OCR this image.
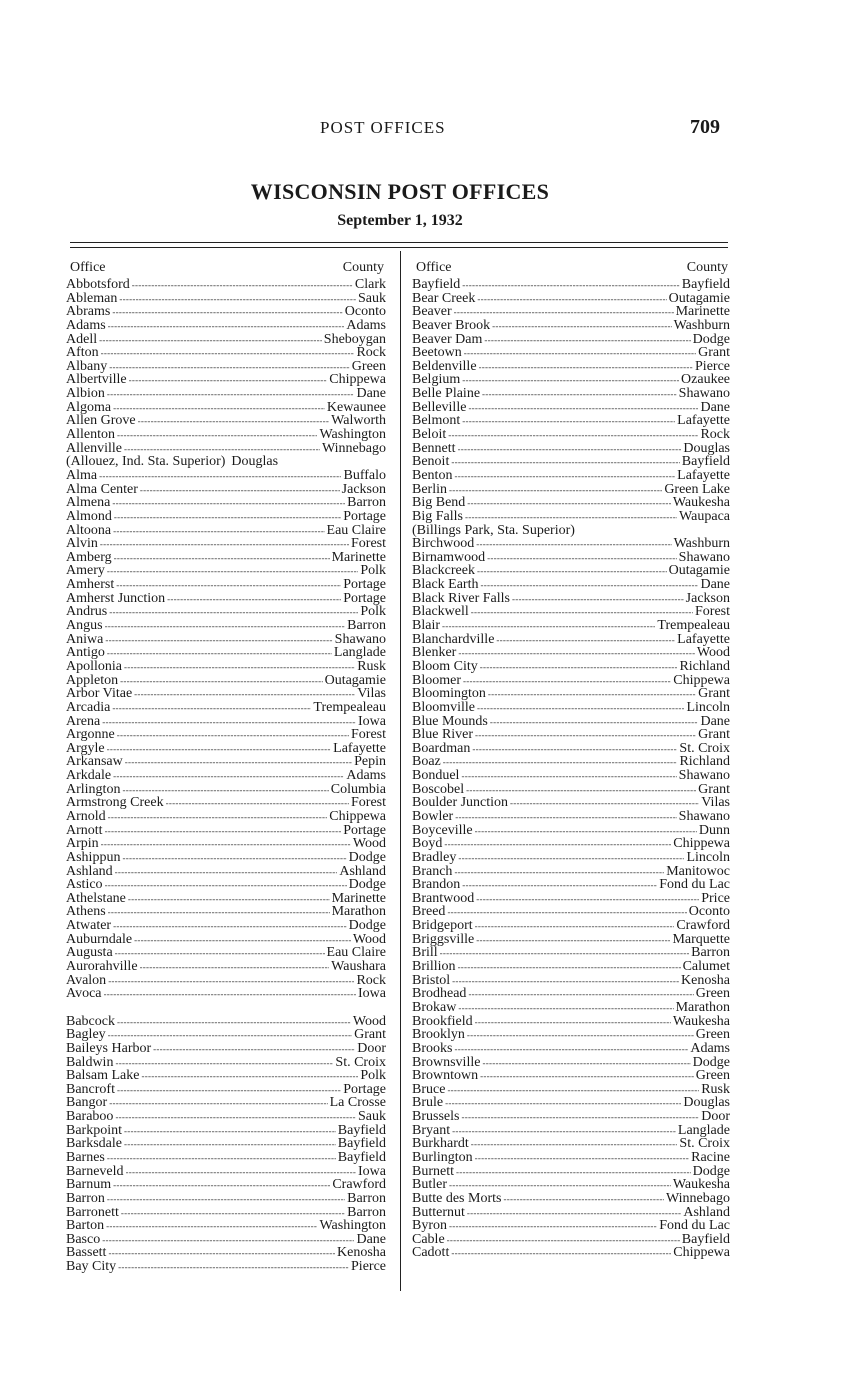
POST OFFICES	709
WISCONSIN POST OFFICES
September 1, 1932
Office	County
Abbotsford - - -	Clark
Ableman - - -	Sauk
Abrams - - -	Oconto
Adams - - -	Adams
Adell - - -	Sheboygan
Afton - - -	Rock
Albany - - -	Green
Albertville - - -	Chippewa
Albion - - -	Dane
Algoma - - -	Kewaunee
Allen Grove - - -	Walworth
Allenton - - -	Washington
Allenville - - -	Winnebago
(Allouez, Ind. Sta. Superior) Douglas
Alma - - -	Buffalo
Alma Center - - -	Jackson
Almena - - -	Barron
Almond - - -	Portage
Altoona - - -	Eau Claire
Alvin - - -	Forest
Amberg - - -	Marinette
Amery - - -	Polk
Amherst - - -	Portage
Amherst Junction - - -	Portage
Andrus - - -	Polk
Angus - - -	Barron
Aniwa - - -	Shawano
Antigo - - -	Langlade
Apollonia - - -	Rusk
Appleton - - -	Outagamie
Arbor Vitae - - -	Vilas
Arcadia - - -	Trempealeau
Arena - - -	Iowa
Argonne - - -	Forest
Argyle - - -	Lafayette
Arkansaw - - -	Pepin
Arkdale - - -	Adams
Arlington - - -	Columbia
Armstrong Creek - - -	Forest
Arnold - - -	Chippewa
Arnott - - -	Portage
Arpin - - -	Wood
Ashippun - - -	Dodge
Ashland - - -	Ashland
Astico - - -	Dodge
Athelstane - - -	Marinette
Athens - - -	Marathon
Atwater - - -	Dodge
Auburndale - - -	Wood
Augusta - - -	Eau Claire
Aurorahville - - -	Waushara
Avalon - - -	Rock
Avoca - - -	Iowa
Babcock - - -	Wood
Bagley - - -	Grant
Baileys Harbor - - -	Door
Baldwin - - -	St. Croix
Balsam Lake - - -	Polk
Bancroft - - -	Portage
Bangor - - -	La Crosse
Baraboo - - -	Sauk
Barkpoint - - -	Bayfield
Barksdale - - -	Bayfield
Barnes - - -	Bayfield
Barneveld - - -	Iowa
Barnum - - -	Crawford
Barron - - -	Barron
Barronett - - -	Barron
Barton - - -	Washington
Basco - - -	Dane
Bassett - - -	Kenosha
Bay City - - -	Pierce
Office	County
Bayfield - - -	Bayfield
Bear Creek - - -	Outagamie
Beaver - - -	Marinette
Beaver Brook - - -	Washburn
Beaver Dam - - -	Dodge
Beetown - - -	Grant
Beldenville - - -	Pierce
Belgium - - -	Ozaukee
Belle Plaine - - -	Shawano
Belleville - - -	Dane
Belmont - - -	Lafayette
Beloit - - -	Rock
Bennett - - -	Douglas
Benoit - - -	Bayfield
Benton - - -	Lafayette
Berlin - - -	Green Lake
Big Bend - - -	Waukesha
Big Falls - - -	Waupaca
(Billings Park, Sta. Superior)
Birchwood - - -	Washburn
Birnamwood - - -	Shawano
Blackcreek - - -	Outagamie
Black Earth - - -	Dane
Black River Falls - - -	Jackson
Blackwell - - -	Forest
Blair - - -	Trempealeau
Blanchardville - - -	Lafayette
Blenker - - -	Wood
Bloom City - - -	Richland
Bloomer - - -	Chippewa
Bloomington - - -	Grant
Bloomville - - -	Lincoln
Blue Mounds - - -	Dane
Blue River - - -	Grant
Boardman - - -	St. Croix
Boaz - - -	Richland
Bonduel - - -	Shawano
Boscobel - - -	Grant
Boulder Junction - - -	Vilas
Bowler - - -	Shawano
Boyceville - - -	Dunn
Boyd - - -	Chippewa
Bradley - - -	Lincoln
Branch - - -	Manitowoc
Brandon - - -	Fond du Lac
Brantwood - - -	Price
Breed - - -	Oconto
Bridgeport - - -	Crawford
Briggsville - - -	Marquette
Brill - - -	Barron
Brillion - - -	Calumet
Bristol - - -	Kenosha
Brodhead - - -	Green
Brokaw - - -	Marathon
Brookfield - - -	Waukesha
Brooklyn - - -	Green
Brooks - - -	Adams
Brownsville - - -	Dodge
Browntown - - -	Green
Bruce - - -	Rusk
Brule - - -	Douglas
Brussels - - -	Door
Bryant - - -	Langlade
Burkhardt - - -	St. Croix
Burlington - - -	Racine
Burnett - - -	Dodge
Butler - - -	Waukesha
Butte des Morts - - -	Winnebago
Butternut - - -	Ashland
Byron - - -	Fond du Lac
Cable - - -	Bayfield
Cadott - - -	Chippewa
